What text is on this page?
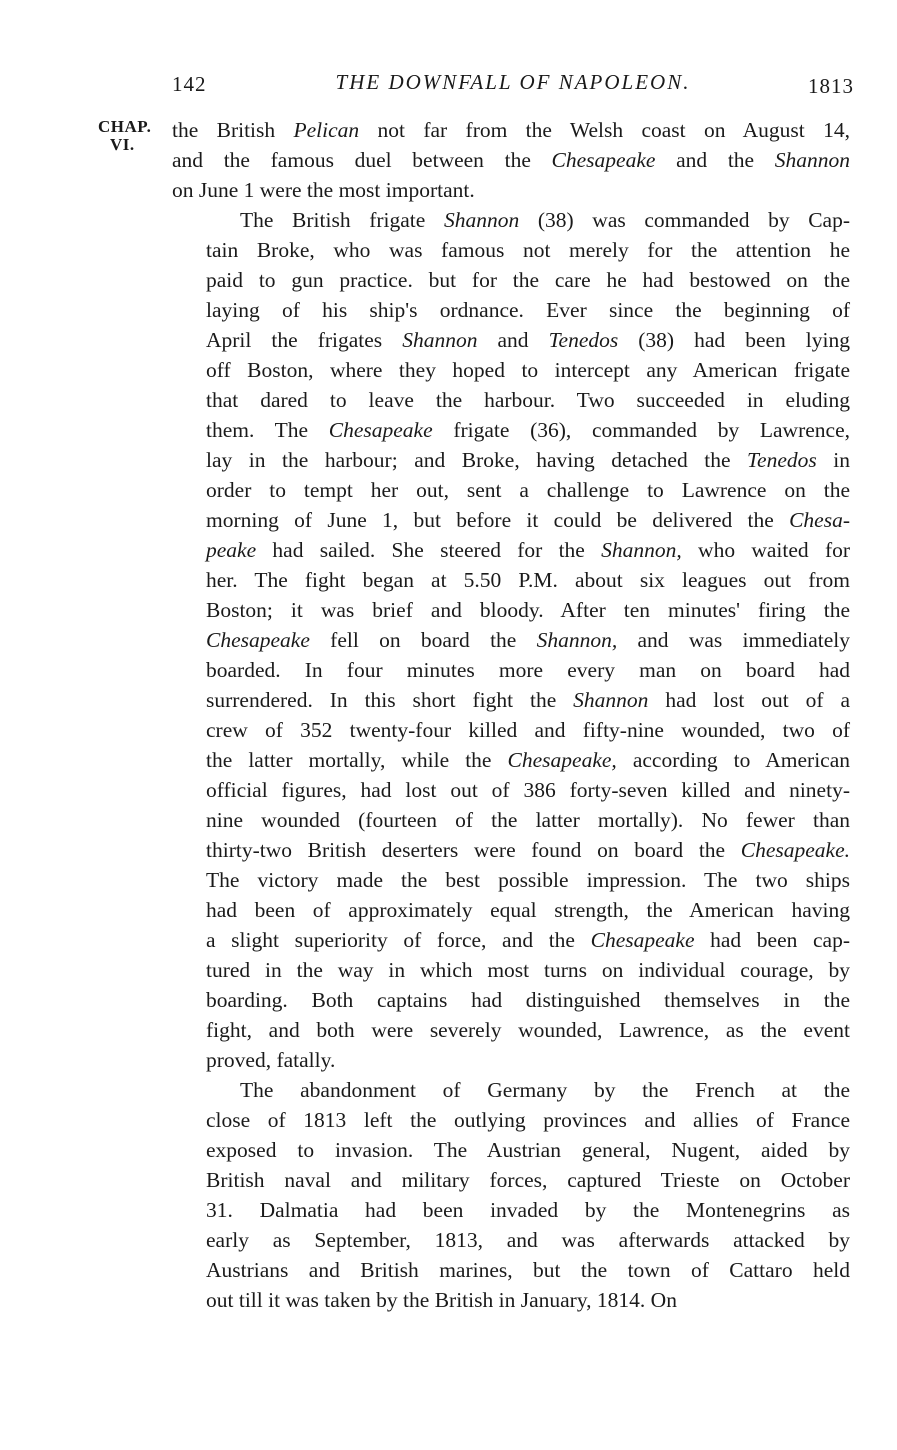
142	THE DOWNFALL OF NAPOLEON.	1813
CHAP.
VI.

the British Pelican not far from the Welsh coast on August 14,
and the famous duel between the Chesapeake and the Shannon
on June 1 were the most important.

The British frigate Shannon (38) was commanded by Cap-
tain Broke, who was famous not merely for the attention he
paid to gun practice. but for the care he had bestowed on the
laying of his ship's ordnance. Ever since the beginning of
April the frigates Shannon and Tenedos (38) had been lying
off Boston, where they hoped to intercept any American frigate
that dared to leave the harbour. Two succeeded in eluding
them. The Chesapeake frigate (36), commanded by Lawrence,
lay in the harbour; and Broke, having detached the Tenedos in
order to tempt her out, sent a challenge to Lawrence on the
morning of June 1, but before it could be delivered the Chesa-
peake had sailed. She steered for the Shannon, who waited for
her. The fight began at 5.50 P.M. about six leagues out from
Boston; it was brief and bloody. After ten minutes' firing the
Chesapeake fell on board the Shannon, and was immediately
boarded. In four minutes more every man on board had
surrendered. In this short fight the Shannon had lost out of a
crew of 352 twenty-four killed and fifty-nine wounded, two of
the latter mortally, while the Chesapeake, according to American
official figures, had lost out of 386 forty-seven killed and ninety-
nine wounded (fourteen of the latter mortally). No fewer than
thirty-two British deserters were found on board the Chesapeake.
The victory made the best possible impression. The two ships
had been of approximately equal strength, the American having
a slight superiority of force, and the Chesapeake had been cap-
tured in the way in which most turns on individual courage, by
boarding. Both captains had distinguished themselves in the
fight, and both were severely wounded, Lawrence, as the event
proved, fatally.

The abandonment of Germany by the French at the
close of 1813 left the outlying provinces and allies of France
exposed to invasion. The Austrian general, Nugent, aided by
British naval and military forces, captured Trieste on October
31. Dalmatia had been invaded by the Montenegrins as
early as September, 1813, and was afterwards attacked by
Austrians and British marines, but the town of Cattaro held
out till it was taken by the British in January, 1814. On
